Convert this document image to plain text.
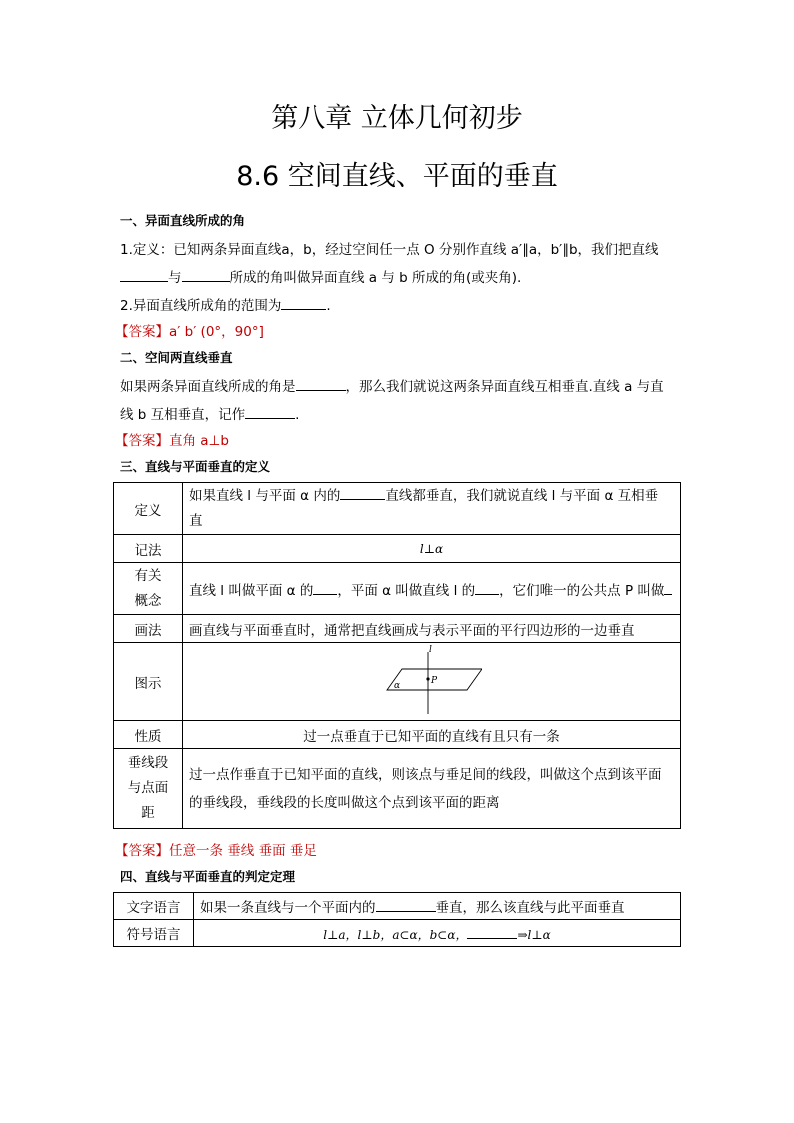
第八章 立体几何初步
8.6 空间直线、平面的垂直
一、异面直线所成的角
1.定义：已知两条异面直线a，b，经过空间任一点 O 分别作直线 a′∥a，b′∥b，我们把直线
与	所成的角叫做异面直线 a 与 b 所成的角(或夹角).
2.异面直线所成角的范围为	.
【答案】a′ b′ (0°，90°]
二、空间两直线垂直
如果两条异面直线所成的角是	，那么我们就说这两条异面直线互相垂直.直线 a 与直
线 b 互相垂直，记作	.
【答案】直角 a⊥b
三、直线与平面垂直的定义
定义	如果直线 l 与平面 α 内的 直线都垂直，我们就说直线 l 与平面 α 互相垂
直
记法	l⊥α
有关
概念	直线 l 叫做平面 α 的 ，平面 α 叫做直线 l 的 ，它们唯一的公共点 P 叫做
画法	画直线与平面垂直时，通常把直线画成与表示平面的平行四边形的一边垂直
图示	l
P
α

性质	过一点垂直于已知平面的直线有且只有一条
垂线段
与点面
距	过一点作垂直于已知平面的直线，则该点与垂足间的线段，叫做这个点到该平面
的垂线段，垂线段的长度叫做这个点到该平面的距离
【答案】任意一条 垂线 垂面 垂足
四、直线与平面垂直的判定定理
文字语言	如果一条直线与一个平面内的 垂直，那么该直线与此平面垂直
符号语言	l⊥a，l⊥b，a⊂α，b⊂α， ⇒l⊥α
